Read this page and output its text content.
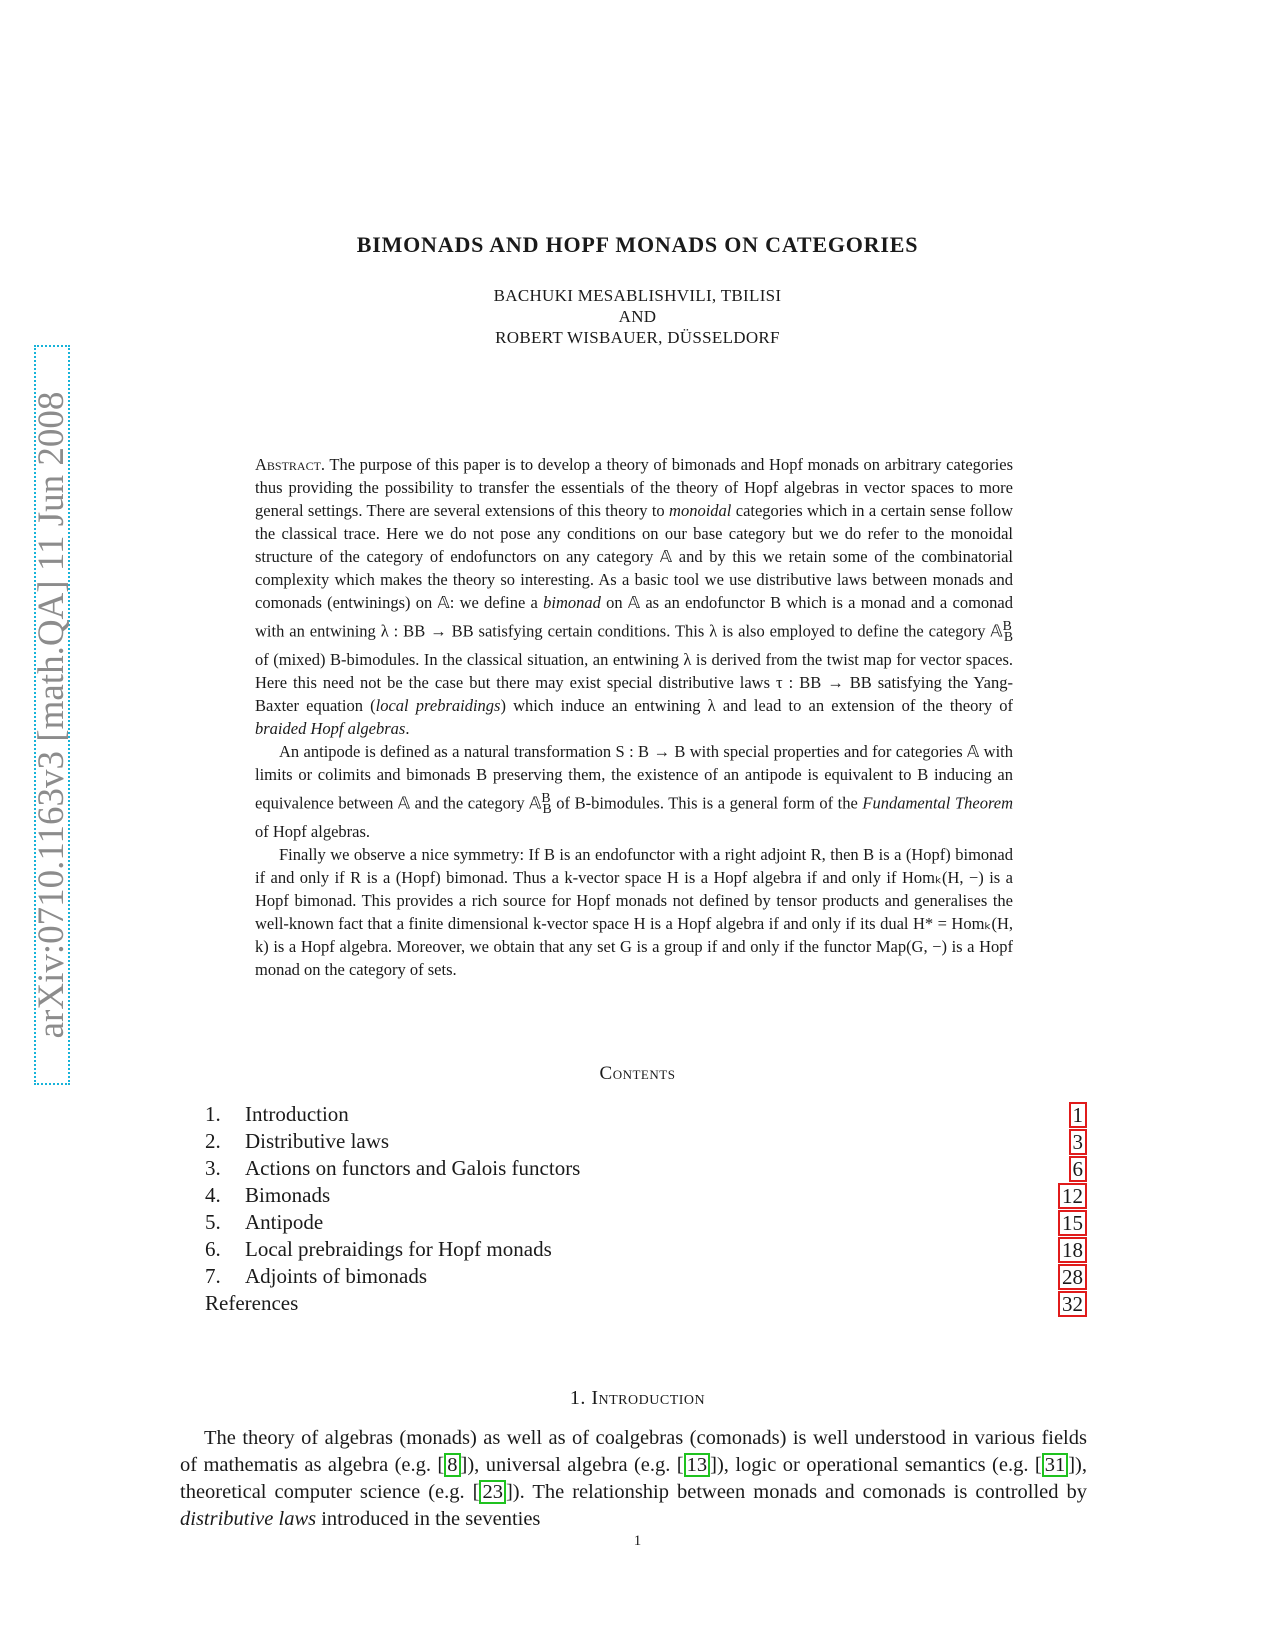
arXiv:0710.1163v3 [math.QA] 11 Jun 2008
BIMONADS AND HOPF MONADS ON CATEGORIES
BACHUKI MESABLISHVILI, TBILISI
AND
ROBERT WISBAUER, DÜSSELDORF

Abstract. The purpose of this paper is to develop a theory of bimonads and Hopf monads on arbitrary categories thus providing the possibility to transfer the essentials of the theory of Hopf algebras in vector spaces to more general settings. There are several extensions of this theory to monoidal categories which in a certain sense follow the classical trace. Here we do not pose any conditions on our base category but we do refer to the monoidal structure of the category of endofunctors on any category 𝔸 and by this we retain some of the combinatorial complexity which makes the theory so interesting. As a basic tool we use distributive laws between monads and comonads (entwinings) on 𝔸: we define a bimonad on 𝔸 as an endofunctor B which is a monad and a comonad with an entwining λ : BB → BB satisfying certain conditions. This λ is also employed to define the category 𝔸$^B_B$ of (mixed) B-bimodules. In the classical situation, an entwining λ is derived from the twist map for vector spaces. Here this need not be the case but there may exist special distributive laws τ : BB → BB satisfying the Yang-Baxter equation (local prebraidings) which induce an entwining λ and lead to an extension of the theory of braided Hopf algebras.

An antipode is defined as a natural transformation S : B → B with special properties and for categories 𝔸 with limits or colimits and bimonads B preserving them, the existence of an antipode is equivalent to B inducing an equivalence between 𝔸 and the category 𝔸$^B_B$ of B-bimodules. This is a general form of the Fundamental Theorem of Hopf algebras.

Finally we observe a nice symmetry: If B is an endofunctor with a right adjoint R, then B is a (Hopf) bimonad if and only if R is a (Hopf) bimonad. Thus a k-vector space H is a Hopf algebra if and only if Homₖ(H, −) is a Hopf bimonad. This provides a rich source for Hopf monads not defined by tensor products and generalises the well-known fact that a finite dimensional k-vector space H is a Hopf algebra if and only if its dual H* = Homₖ(H, k) is a Hopf algebra. Moreover, we obtain that any set G is a group if and only if the functor Map(G, −) is a Hopf monad on the category of sets.

Contents
1. Introduction	1
2. Distributive laws	3
3. Actions on functors and Galois functors	6
4. Bimonads	12
5. Antipode	15
6. Local prebraidings for Hopf monads	18
7. Adjoints of bimonads	28
References	32
1. Introduction
The theory of algebras (monads) as well as of coalgebras (comonads) is well understood in various fields of mathematis as algebra (e.g. [ 8 ]), universal algebra (e.g. [ 13 ]), logic or operational semantics (e.g. [ 31 ]), theoretical computer science (e.g. [ 23 ]). The relationship between monads and comonads is controlled by distributive laws introduced in the seventies
1
